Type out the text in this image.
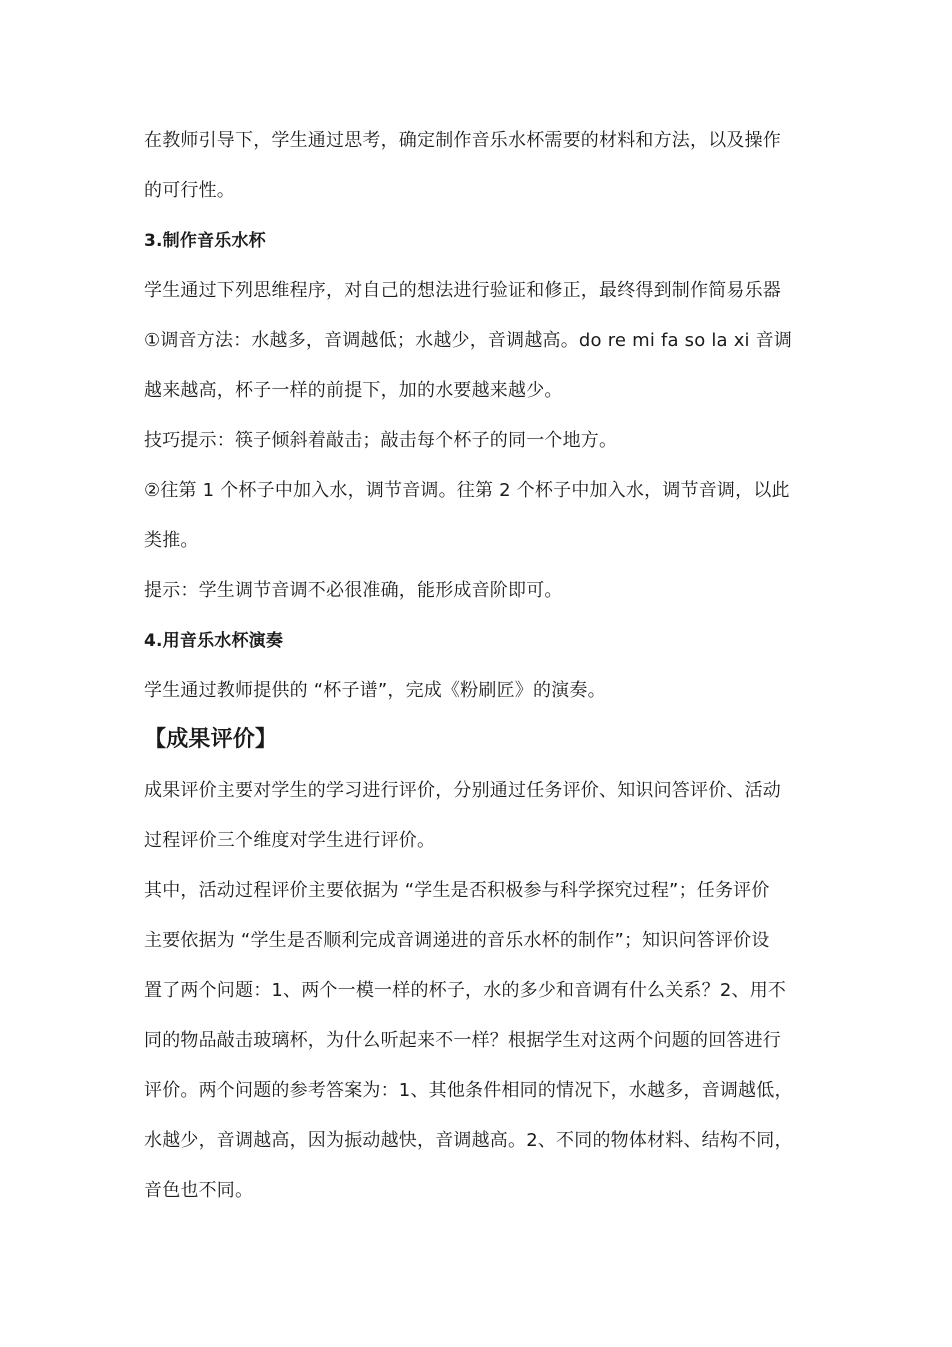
在教师引导下，学生通过思考，确定制作音乐水杯需要的材料和方法，以及操作
的可行性。
3.制作音乐水杯
学生通过下列思维程序，对自己的想法进行验证和修正，最终得到制作简易乐器
①调音方法：水越多，音调越低；水越少，音调越高。do re mi fa so la xi 音调
越来越高，杯子一样的前提下，加的水要越来越少。
技巧提示：筷子倾斜着敲击；敲击每个杯子的同一个地方。
②往第 1 个杯子中加入水，调节音调。往第 2 个杯子中加入水，调节音调，以此
类推。
提示：学生调节音调不必很准确，能形成音阶即可。
4.用音乐水杯演奏
学生通过教师提供的 “杯子谱”，完成《粉刷匠》的演奏。
【成果评价】
成果评价主要对学生的学习进行评价，分别通过任务评价、知识问答评价、活动
过程评价三个维度对学生进行评价。
其中，活动过程评价主要依据为 “学生是否积极参与科学探究过程”；任务评价
主要依据为 “学生是否顺利完成音调递进的音乐水杯的制作”；知识问答评价设
置了两个问题：1、两个一模一样的杯子，水的多少和音调有什么关系？2、用不
同的物品敲击玻璃杯，为什么听起来不一样？根据学生对这两个问题的回答进行
评价。两个问题的参考答案为：1、其他条件相同的情况下，水越多，音调越低，
水越少，音调越高，因为振动越快，音调越高。2、不同的物体材料、结构不同，
音色也不同。
